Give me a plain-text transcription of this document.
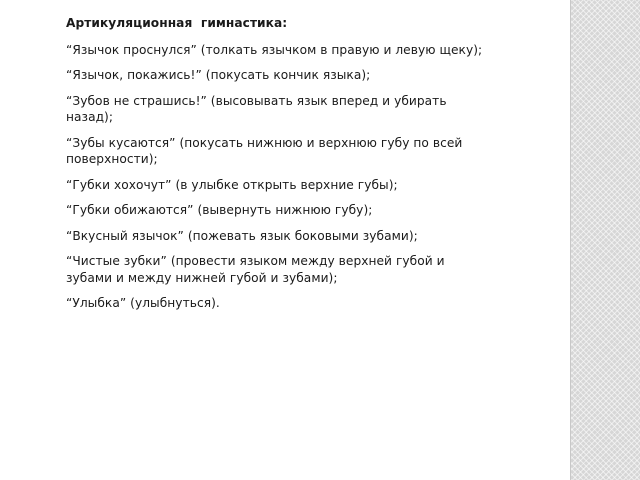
Артикуляционная  гимнастика:
“Язычок проснулся” (толкать язычком в правую и левую щеку);
“Язычок, покажись!” (покусать кончик языка);
“Зубов не страшись!” (высовывать язык вперед и убирать назад);
“Зубы кусаются” (покусать нижнюю и верхнюю губу по всей поверхности);
“Губки хохочут” (в улыбке открыть верхние губы);
“Губки обижаются” (вывернуть нижнюю губу);
“Вкусный язычок” (пожевать язык боковыми зубами);
“Чистые зубки” (провести языком между верхней губой и зубами и между нижней губой и зубами);
“Улыбка” (улыбнуться).
